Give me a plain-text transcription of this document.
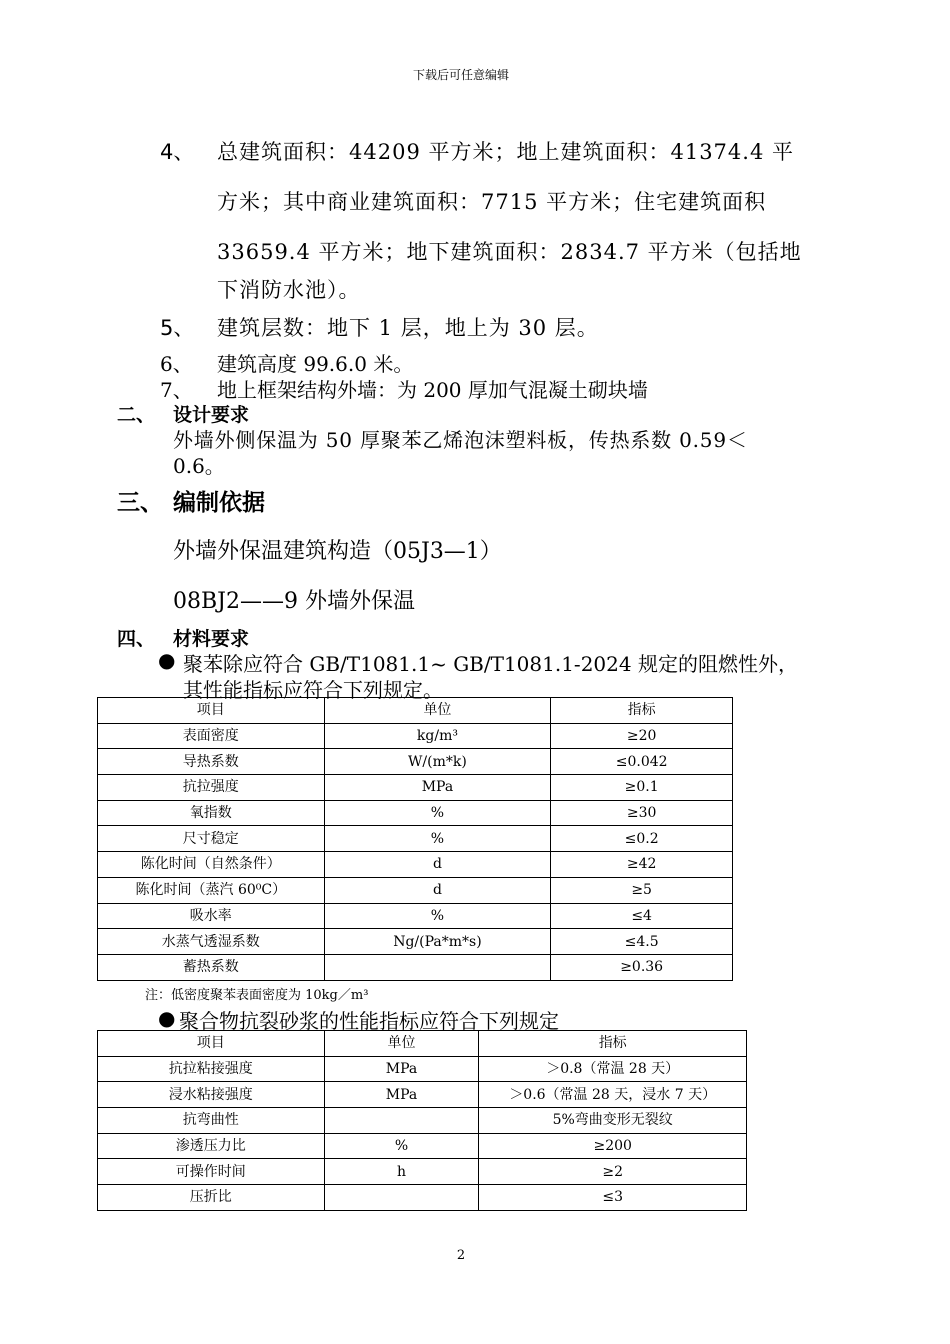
下载后可任意编辑
4、 总建筑面积：44209 平方米；地上建筑面积：41374.4 平
方米；其中商业建筑面积：7715 平方米；住宅建筑面积
33659.4 平方米；地下建筑面积：2834.7 平方米（包括地
下消防水池）。
5、 建筑层数：地下 1 层，地上为 30 层。
6、 建筑高度 99.6.0 米。
7、 地上框架结构外墙：为 200 厚加气混凝土砌块墙
二、 设计要求
外墙外侧保温为 50 厚聚苯乙烯泡沫塑料板，传热系数 0.59＜
0.6。
三、 编制依据
外墙外保温建筑构造（05J3—1）
08BJ2——9 外墙外保温
四、 材料要求
● 聚苯除应符合 GB/T1081.1~ GB/T1081.1-2024 规定的阻燃性外，
其性能指标应符合下列规定。
项目	单位	指标
表面密度	kg/m³	≥20
导热系数	W/(m*k)	≤0.042
抗拉强度	MPa	≥0.1
氧指数	%	≥30
尺寸稳定	%	≤0.2
陈化时间（自然条件）	d	≥42
陈化时间（蒸汽 60⁰C）	d	≥5
吸水率	%	≤4
水蒸气透湿系数	Ng/(Pa*m*s)	≤4.5
蓄热系数		≥0.36
注：低密度聚苯表面密度为 10kg／m³
● 聚合物抗裂砂浆的性能指标应符合下列规定
项目	单位	指标
抗拉粘接强度	MPa	＞0.8（常温 28 天）
浸水粘接强度	MPa	＞0.6（常温 28 天，浸水 7 天）
抗弯曲性		5%弯曲变形无裂纹
渗透压力比	%	≥200
可操作时间	h	≥2
压折比		≤3
2
